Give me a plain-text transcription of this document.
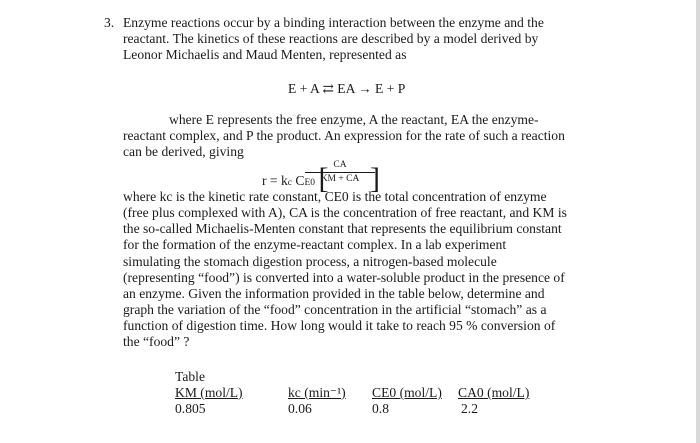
3. Enzyme reactions occur by a binding interaction between the enzyme and the
reactant. The kinetics of these reactions are described by a model derived by
Leonor Michaelis and Maud Menten, represented as
E + A ⇄ EA → E + P
where E represents the free enzyme, A the reactant, EA the enzyme-
reactant complex, and P the product. An expression for the rate of such a reaction
can be derived, giving
r = kc CE0 [
$\frac{CA}{KM + CA}$
]
where kc is the kinetic rate constant, CE0 is the total concentration of enzyme
(free plus complexed with A), CA is the concentration of free reactant, and KM is
the so-called Michaelis-Menten constant that represents the equilibrium constant
for the formation of the enzyme-reactant complex. In a lab experiment
simulating the stomach digestion process, a nitrogen-based molecule
(representing “food”) is converted into a water-soluble product in the presence of
an enzyme. Given the information provided in the table below, determine and
graph the variation of the “food” concentration in the artificial “stomach” as a
function of digestion time. How long would it take to reach 95 % conversion of
the “food” ?
Table
KM (mol/L)	kc (min⁻¹) CE0 (mol/L) CA0 (mol/L)
0.805	0.06	0.8	2.2
